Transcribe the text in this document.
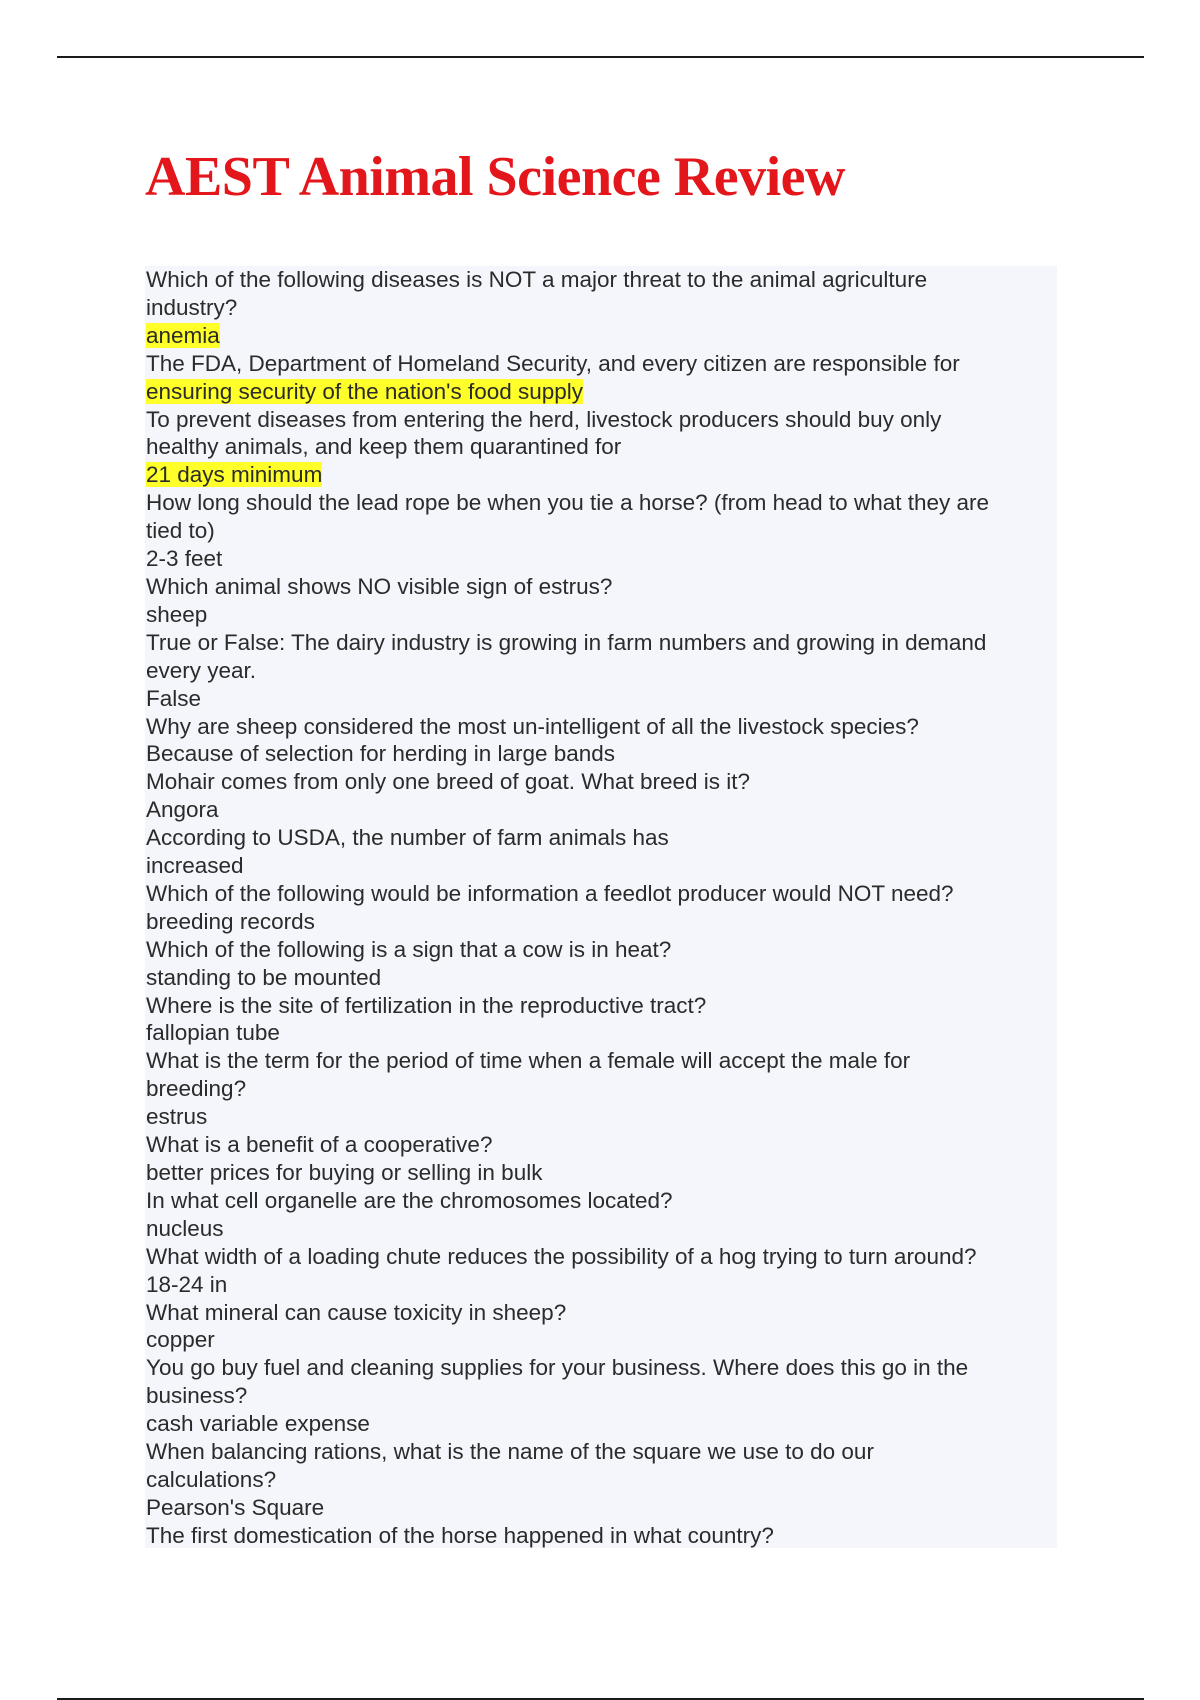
AEST Animal Science Review
Which of the following diseases is NOT a major threat to the animal agriculture
industry?
anemia
The FDA, Department of Homeland Security, and every citizen are responsible for
ensuring security of the nation's food supply
To prevent diseases from entering the herd, livestock producers should buy only
healthy animals, and keep them quarantined for
21 days minimum
How long should the lead rope be when you tie a horse? (from head to what they are
tied to)
2-3 feet
Which animal shows NO visible sign of estrus?
sheep
True or False: The dairy industry is growing in farm numbers and growing in demand
every year.
False
Why are sheep considered the most un-intelligent of all the livestock species?
Because of selection for herding in large bands
Mohair comes from only one breed of goat. What breed is it?
Angora
According to USDA, the number of farm animals has
increased
Which of the following would be information a feedlot producer would NOT need?
breeding records
Which of the following is a sign that a cow is in heat?
standing to be mounted
Where is the site of fertilization in the reproductive tract?
fallopian tube
What is the term for the period of time when a female will accept the male for
breeding?
estrus
What is a benefit of a cooperative?
better prices for buying or selling in bulk
In what cell organelle are the chromosomes located?
nucleus
What width of a loading chute reduces the possibility of a hog trying to turn around?
18-24 in
What mineral can cause toxicity in sheep?
copper
You go buy fuel and cleaning supplies for your business. Where does this go in the
business?
cash variable expense
When balancing rations, what is the name of the square we use to do our
calculations?
Pearson's Square
The first domestication of the horse happened in what country?
